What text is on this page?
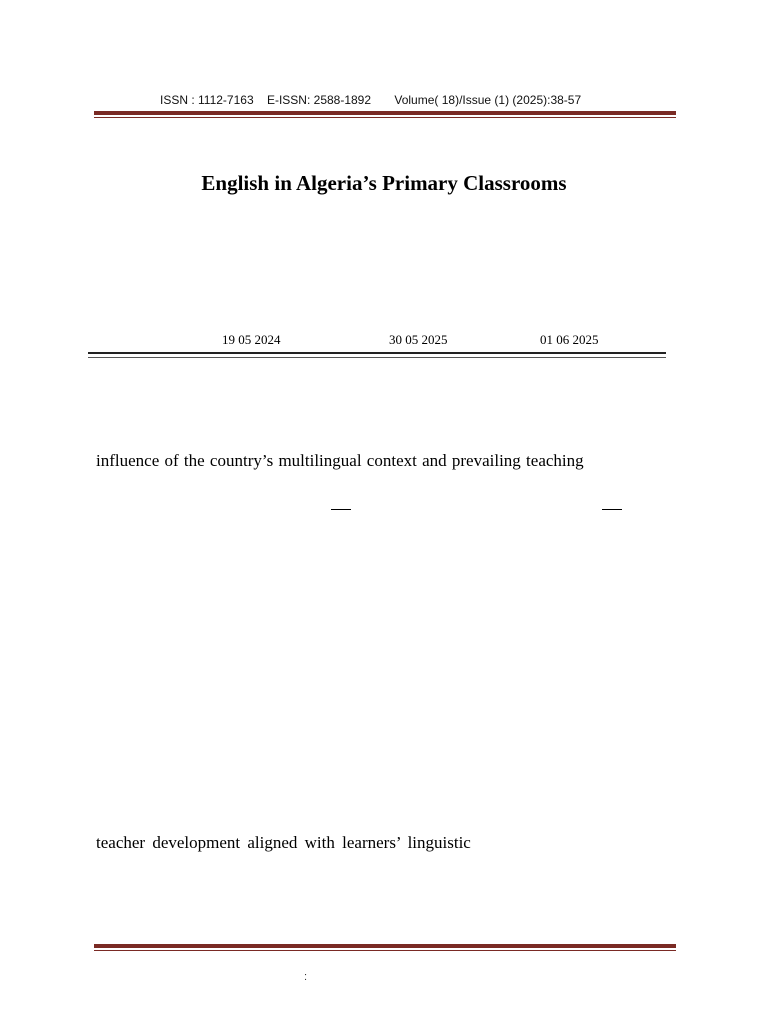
ISSN : 1112-7163 E-ISSN: 2588-1892 Volume( 18)/Issue (1) (2025):38-57
English in Algeria’s Primary Classrooms
19 05 2024	30 05 2025	01 06 2025
influence of the country’s multilingual context and prevailing teaching
teacher development aligned with learners’ linguistic
:
